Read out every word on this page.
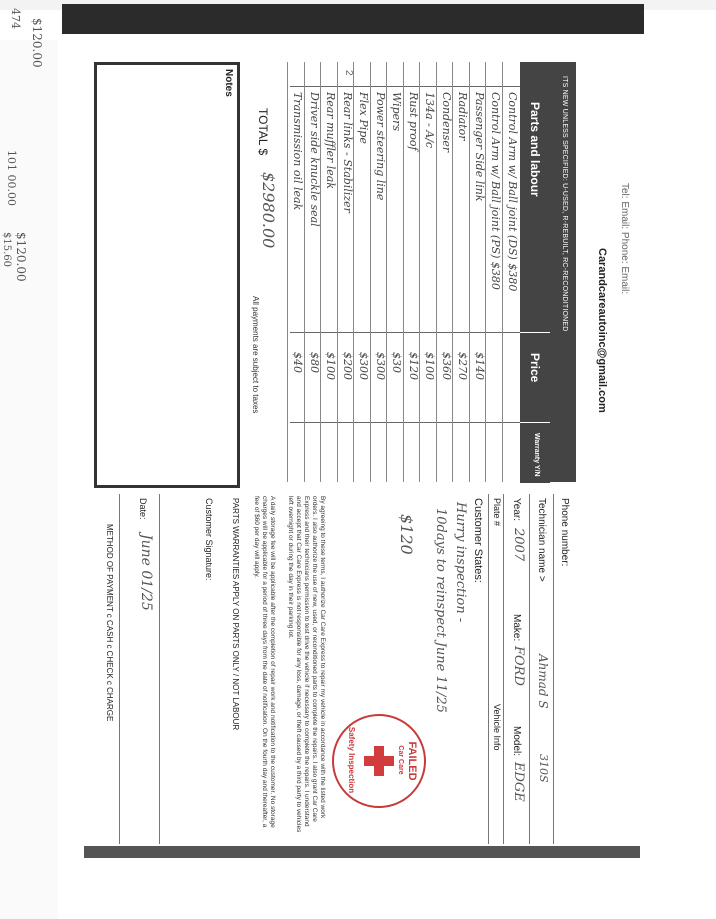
474
101 00.00
$120.00
$120.00
$15.60	Tel: Email: Phone: Email:
Carandcareautoinc@gmail.com
ITS NEW UNLESS SPECIFIED: U-USED, R-REBUILT, RC-RECONDITIONED
Parts and labour
Price
Warranty Y/N
Control Arm w/ Ball joint (DS) $380
Control Arm w/ Ball joint (PS) $380
Passenger Side link
$140
Radiator
$270
Condenser
$360
134a - A/c
$100
Rust proof
$120
Wipers
$30
Power steering line
$300
Flex Pipe
$300
2
Rear links - Stabilizer
$200
Rear muffler leak
$100
Driver side knuckle seal
$80
Transmission oil leak
$40
TOTAL $
$2980.00
All payments are subject to taxes
Notes
Phone number:
Technician name >
Ahmad S
310S
Year:
2007
Make:
FORD
Model:
EDGE
Plate #
Vehicle Info
Customer States:
Hurry inspection -
10days to reinspect June 11/25
$120
FAILED
Safety Inspection	Car Care
By agreeing to these terms, I authorize Car Care Express to repair my vehicle in accordance with the listed work orders. I also authorize the use of new, used, or reconditioned parts to complete the repairs. I also grant Car Care Express and their technicians permission to test drive the vehicle if necessary to complete the repairs. I understand and accept that Car Care Express is not responsible for any loss, damage, or theft caused by a third party to vehicles left overnight or during the day in their parking lot.
A daily storage fee will be applicable after the completion of repair work and notification to the customer. No storage charges will be applicable for a period of three days from the date of notification. On the fourth day and thereafter, a fee of $60 per day will apply.
PARTS WARRANTIES APPLY ON PARTS ONLY / NOT LABOUR
Customer Signature:
Date:
June 01/25
METHOD OF PAYMENT c CASH c CHECK c CHARGE
